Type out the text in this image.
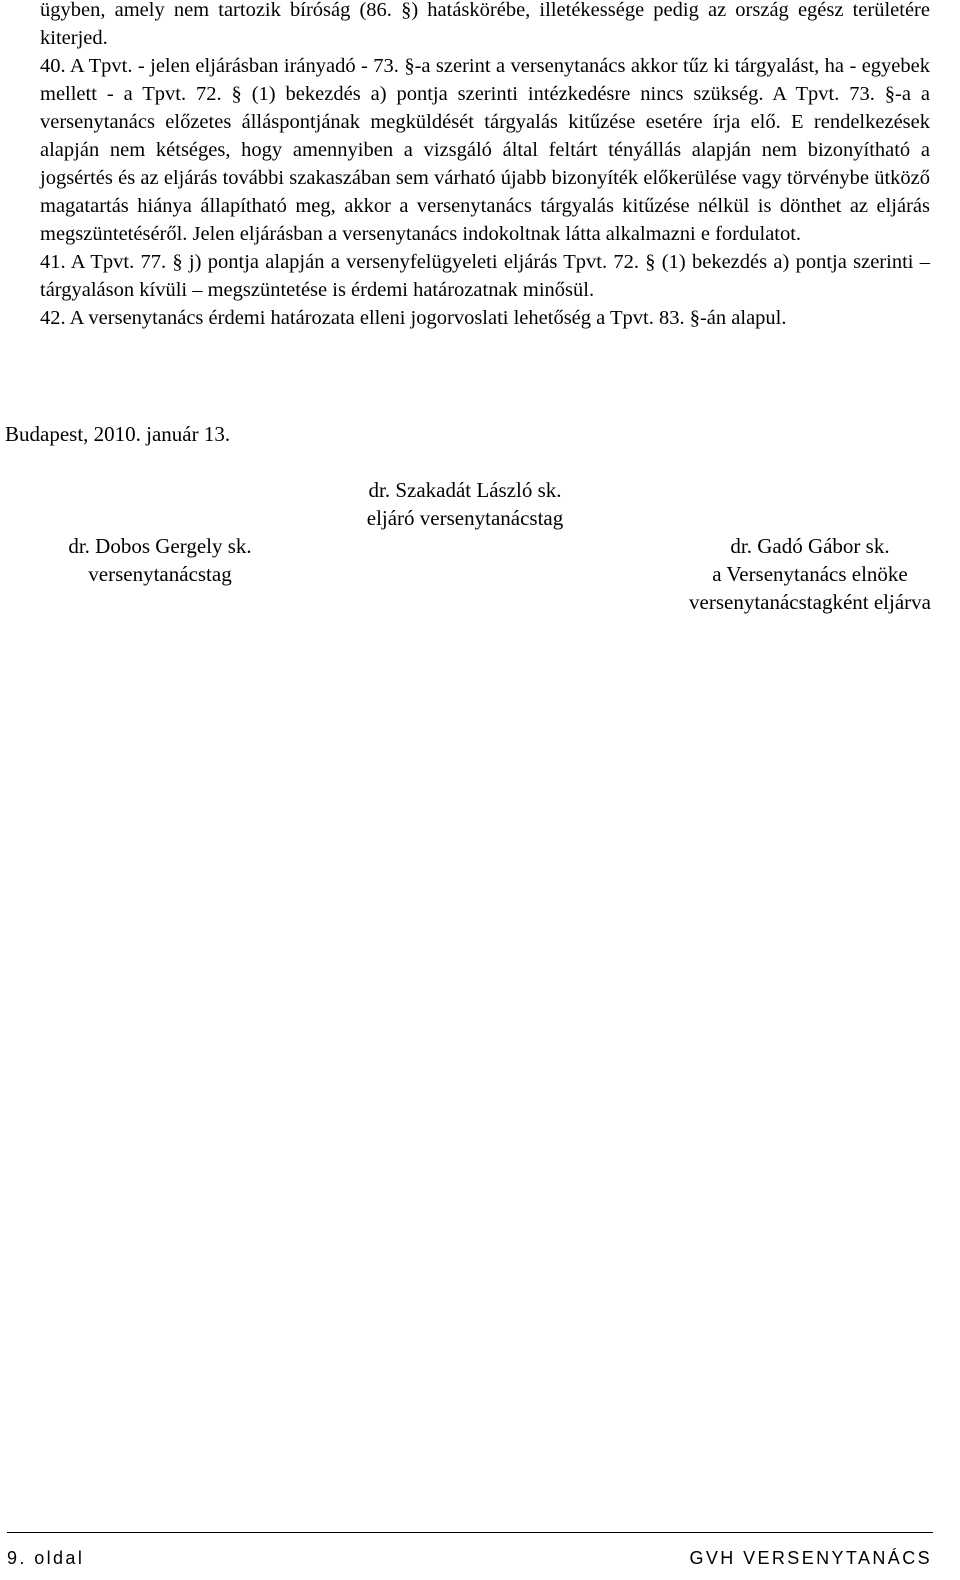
ügyben, amely nem tartozik bíróság (86. §) hatáskörébe, illetékessége pedig az ország egész területére kiterjed.

40. A Tpvt. - jelen eljárásban irányadó - 73. §-a szerint a versenytanács akkor tűz ki tárgyalást, ha - egyebek mellett - a Tpvt. 72. § (1) bekezdés a) pontja szerinti intézkedésre nincs szükség. A Tpvt. 73. §-a a versenytanács előzetes álláspontjának megküldését tárgyalás kitűzése esetére írja elő. E rendelkezések alapján nem kétséges, hogy amennyiben a vizsgáló által feltárt tényállás alapján nem bizonyítható a jogsértés és az eljárás további szakaszában sem várható újabb bizonyíték előkerülése vagy törvénybe ütköző magatartás hiánya állapítható meg, akkor a versenytanács tárgyalás kitűzése nélkül is dönthet az eljárás megszüntetéséről. Jelen eljárásban a versenytanács indokoltnak látta alkalmazni e fordulatot.

41. A Tpvt. 77. § j) pontja alapján a versenyfelügyeleti eljárás Tpvt. 72. § (1) bekezdés a) pontja szerinti – tárgyaláson kívüli – megszüntetése is érdemi határozatnak minősül.

42. A versenytanács érdemi határozata elleni jogorvoslati lehetőség a Tpvt. 83. §-án alapul.

Budapest, 2010. január 13.
dr. Szakadát László sk.
eljáró versenytanácstag
dr. Dobos Gergely sk.
versenytanácstag
dr. Gadó Gábor sk.
a Versenytanács elnöke
versenytanácstagként eljárva
9. oldal	GVH VERSENYTANÁCS
